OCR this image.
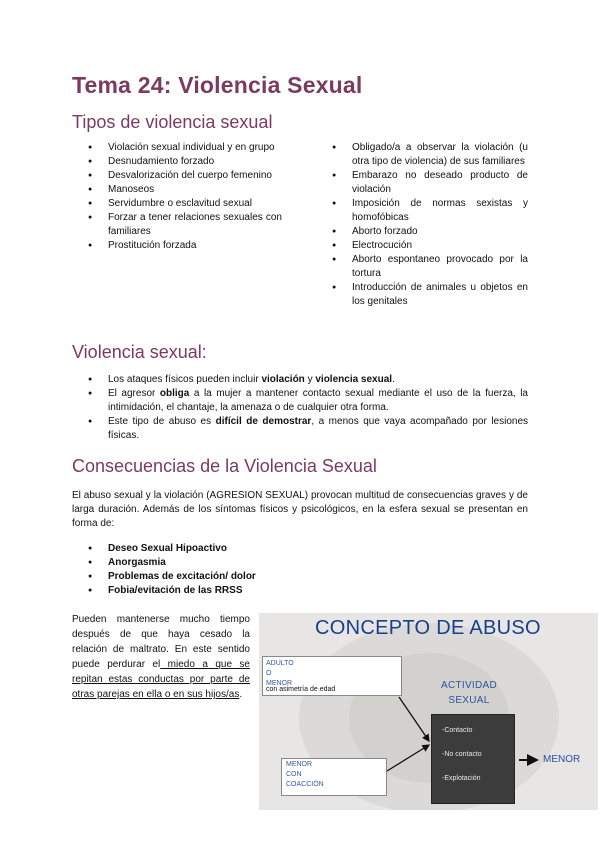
Tema 24: Violencia Sexual
Tipos de violencia sexual
● Violación sexual individual y en grupo
● Desnudamiento forzado
● Desvalorización del cuerpo femenino
● Manoseos
● Servidumbre o esclavitud sexual
● Forzar a tener relaciones sexuales con familiares
● Prostitución forzada
● Obligado/a a observar la violación (u otra tipo de violencia) de sus familiares
● Embarazo no deseado producto de violación
● Imposición de normas sexistas y homofóbicas
● Aborto forzado
● Electrocución
● Aborto espontaneo provocado por la tortura
● Introducción de animales u objetos en los genitales
Violencia sexual:
● Los ataques físicos pueden incluir violación y violencia sexual.
● El agresor obliga a la mujer a mantener contacto sexual mediante el uso de la fuerza, la intimidación, el chantaje, la amenaza o de cualquier otra forma.
● Este tipo de abuso es difícil de demostrar, a menos que vaya acompañado por lesiones físicas.
Consecuencias de la Violencia Sexual
El abuso sexual y la violación (AGRESION SEXUAL) provocan multitud de consecuencias graves y de larga duración. Además de los síntomas físicos y psicológicos, en la esfera sexual se presentan en forma de:
● Deseo Sexual Hipoactivo
● Anorgasmia
● Problemas de excitación/ dolor
● Fobia/evitación de las RRSS
Pueden mantenerse mucho tiempo después de que haya cesado la relación de maltrato. En este sentido puede perdurar el miedo a que se repitan estas conductas por parte de otras parejas en ella o en sus hijos/as.
CONCEPTO DE ABUSO
ADULTO
Ó
MENOR
con asimetría de edad	ACTIVIDAD
SEXUAL
-Contacto
-No contacto
-Explotación
MENOR
CON
COACCIÓN
MENOR
